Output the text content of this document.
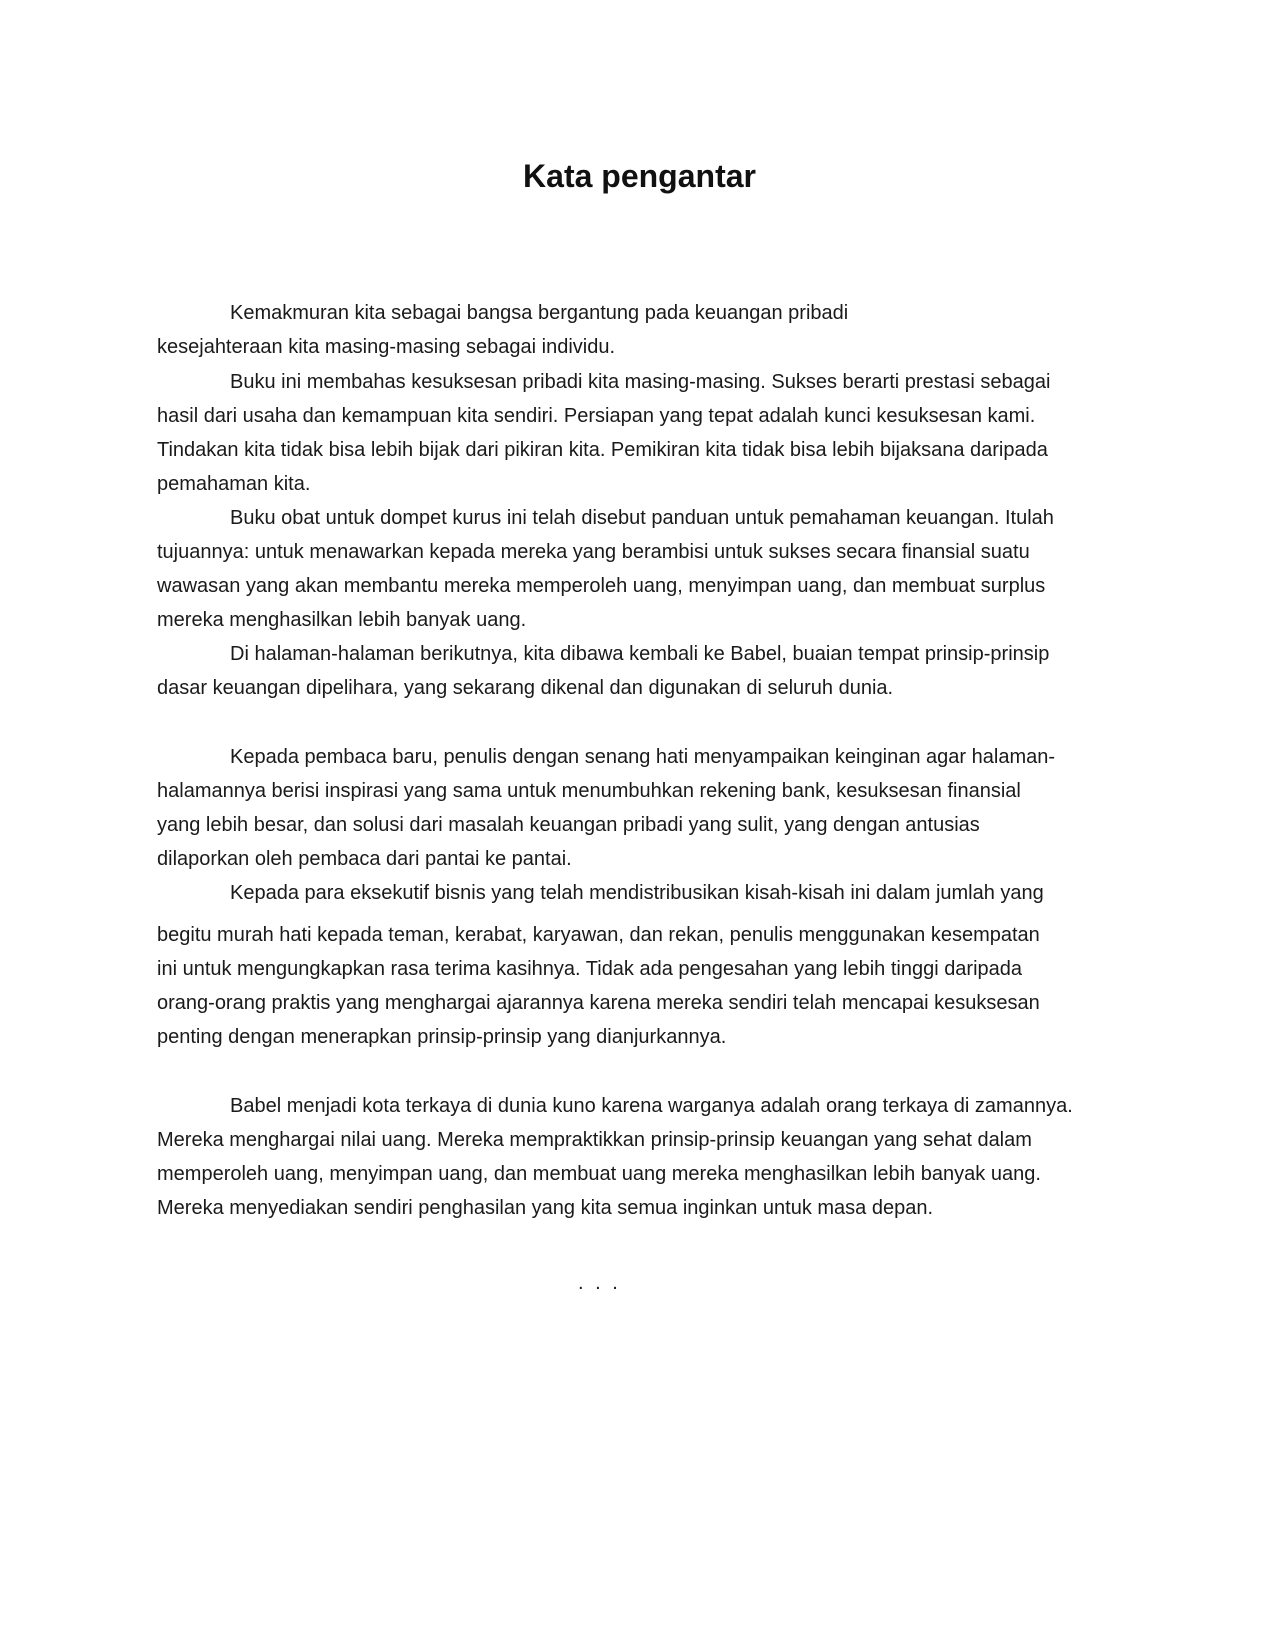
Kata pengantar

Kemakmuran kita sebagai bangsa bergantung pada keuangan pribadi

kesejahteraan kita masing-masing sebagai individu.

Buku ini membahas kesuksesan pribadi kita masing-masing. Sukses berarti prestasi sebagai

hasil dari usaha dan kemampuan kita sendiri. Persiapan yang tepat adalah kunci kesuksesan kami.

Tindakan kita tidak bisa lebih bijak dari pikiran kita. Pemikiran kita tidak bisa lebih bijaksana daripada

pemahaman kita.

Buku obat untuk dompet kurus ini telah disebut panduan untuk pemahaman keuangan. Itulah

tujuannya: untuk menawarkan kepada mereka yang berambisi untuk sukses secara finansial suatu

wawasan yang akan membantu mereka memperoleh uang, menyimpan uang, dan membuat surplus

mereka menghasilkan lebih banyak uang.

Di halaman-halaman berikutnya, kita dibawa kembali ke Babel, buaian tempat prinsip-prinsip

dasar keuangan dipelihara, yang sekarang dikenal dan digunakan di seluruh dunia.

Kepada pembaca baru, penulis dengan senang hati menyampaikan keinginan agar halaman-

halamannya berisi inspirasi yang sama untuk menumbuhkan rekening bank, kesuksesan finansial

yang lebih besar, dan solusi dari masalah keuangan pribadi yang sulit, yang dengan antusias

dilaporkan oleh pembaca dari pantai ke pantai.

Kepada para eksekutif bisnis yang telah mendistribusikan kisah-kisah ini dalam jumlah yang

begitu murah hati kepada teman, kerabat, karyawan, dan rekan, penulis menggunakan kesempatan

ini untuk mengungkapkan rasa terima kasihnya. Tidak ada pengesahan yang lebih tinggi daripada

orang-orang praktis yang menghargai ajarannya karena mereka sendiri telah mencapai kesuksesan

penting dengan menerapkan prinsip-prinsip yang dianjurkannya.

Babel menjadi kota terkaya di dunia kuno karena warganya adalah orang terkaya di zamannya.

Mereka menghargai nilai uang. Mereka mempraktikkan prinsip-prinsip keuangan yang sehat dalam

memperoleh uang, menyimpan uang, dan membuat uang mereka menghasilkan lebih banyak uang.

Mereka menyediakan sendiri penghasilan yang kita semua inginkan untuk masa depan.

. . .
